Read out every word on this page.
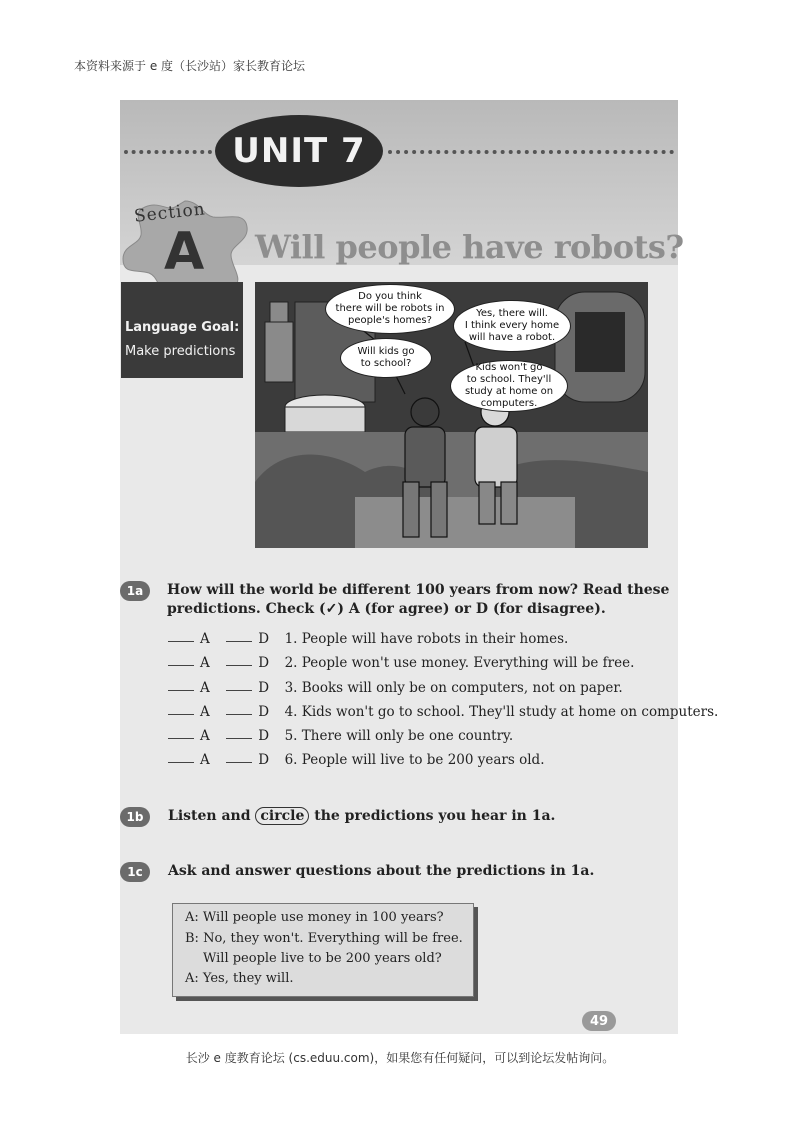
本资料来源于 e 度（长沙站）家长教育论坛
长沙 e 度教育论坛 (cs.eduu.com)，如果您有任何疑问，可以到论坛发帖询问。
UNIT 7
Section
A Will people have robots?
Language Goal:
Make predictions
Do you think
there will be robots in
people's homes?
Yes, there will.
I think every home
will have a robot.
Will kids go
to school?	Kids won't go
to school. They'll
study at home on
computers.
1a	How will the world be different 100 years from now? Read these
predictions. Check (✓) A (for agree) or D (for disagree).
A	D 1. People will have robots in their homes.
A	D 2. People won't use money. Everything will be free.
A	D 3. Books will only be on computers, not on paper.
A	D 4. Kids won't go to school. They'll study at home on computers.
A	D 5. There will only be one country.
A	D 6. People will live to be 200 years old.
1b	Listen and circle the predictions you hear in 1a.
1c	Ask and answer questions about the predictions in 1a.
A: Will people use money in 100 years?
B: No, they won't. Everything will be free.
Will people live to be 200 years old?
A: Yes, they will.
49
